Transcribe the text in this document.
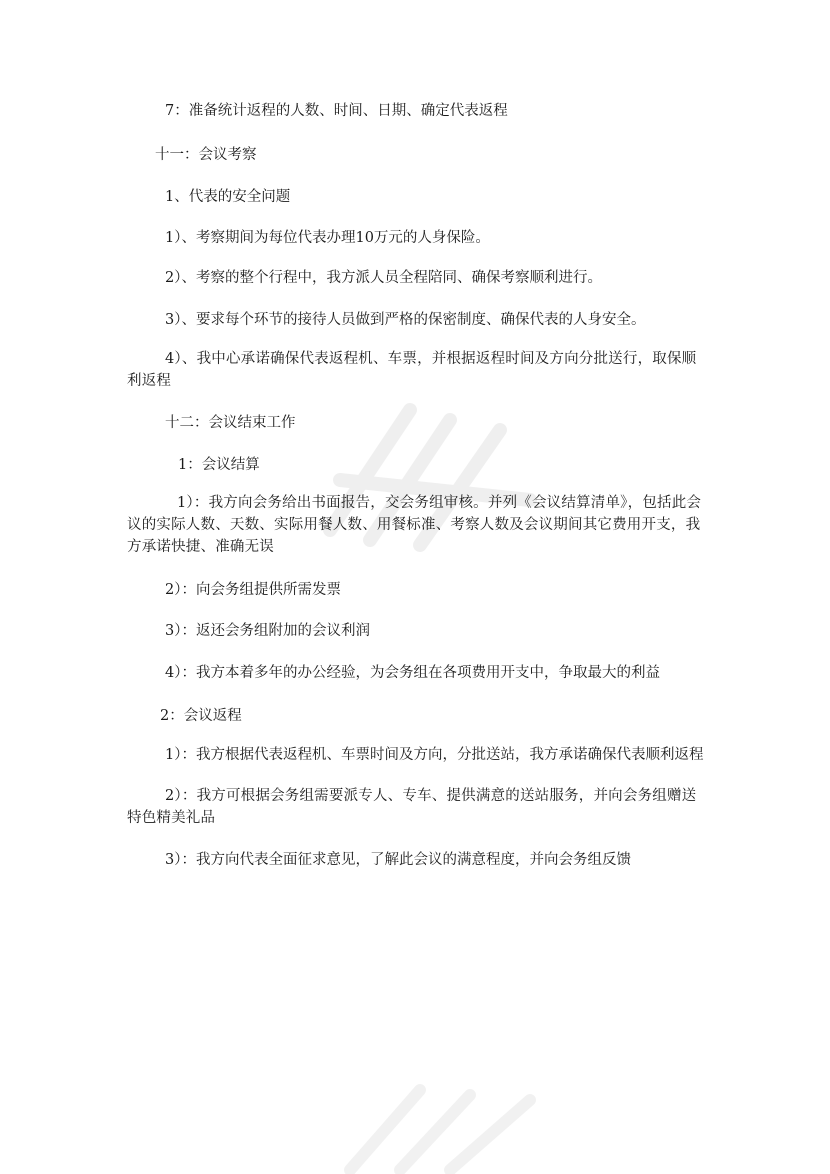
7：准备统计返程的人数、时间、日期、确定代表返程
十一：会议考察
1、代表的安全问题
1）、考察期间为每位代表办理10万元的人身保险。
2）、考察的整个行程中，我方派人员全程陪同、确保考察顺利进行。
3）、要求每个环节的接待人员做到严格的保密制度、确保代表的人身安全。
4）、我中心承诺确保代表返程机、车票，并根据返程时间及方向分批送行，取保顺利返程
十二：会议结束工作
1：会议结算
1）：我方向会务给出书面报告，交会务组审核。并列《会议结算清单》，包括此会议的实际人数、天数、实际用餐人数、用餐标准、考察人数及会议期间其它费用开支，我方承诺快捷、准确无误
2）：向会务组提供所需发票
3）：返还会务组附加的会议利润
4）：我方本着多年的办公经验，为会务组在各项费用开支中，争取最大的利益
2：会议返程
1）：我方根据代表返程机、车票时间及方向，分批送站，我方承诺确保代表顺利返程
2）：我方可根据会务组需要派专人、专车、提供满意的送站服务，并向会务组赠送特色精美礼品
3）：我方向代表全面征求意见，了解此会议的满意程度，并向会务组反馈
